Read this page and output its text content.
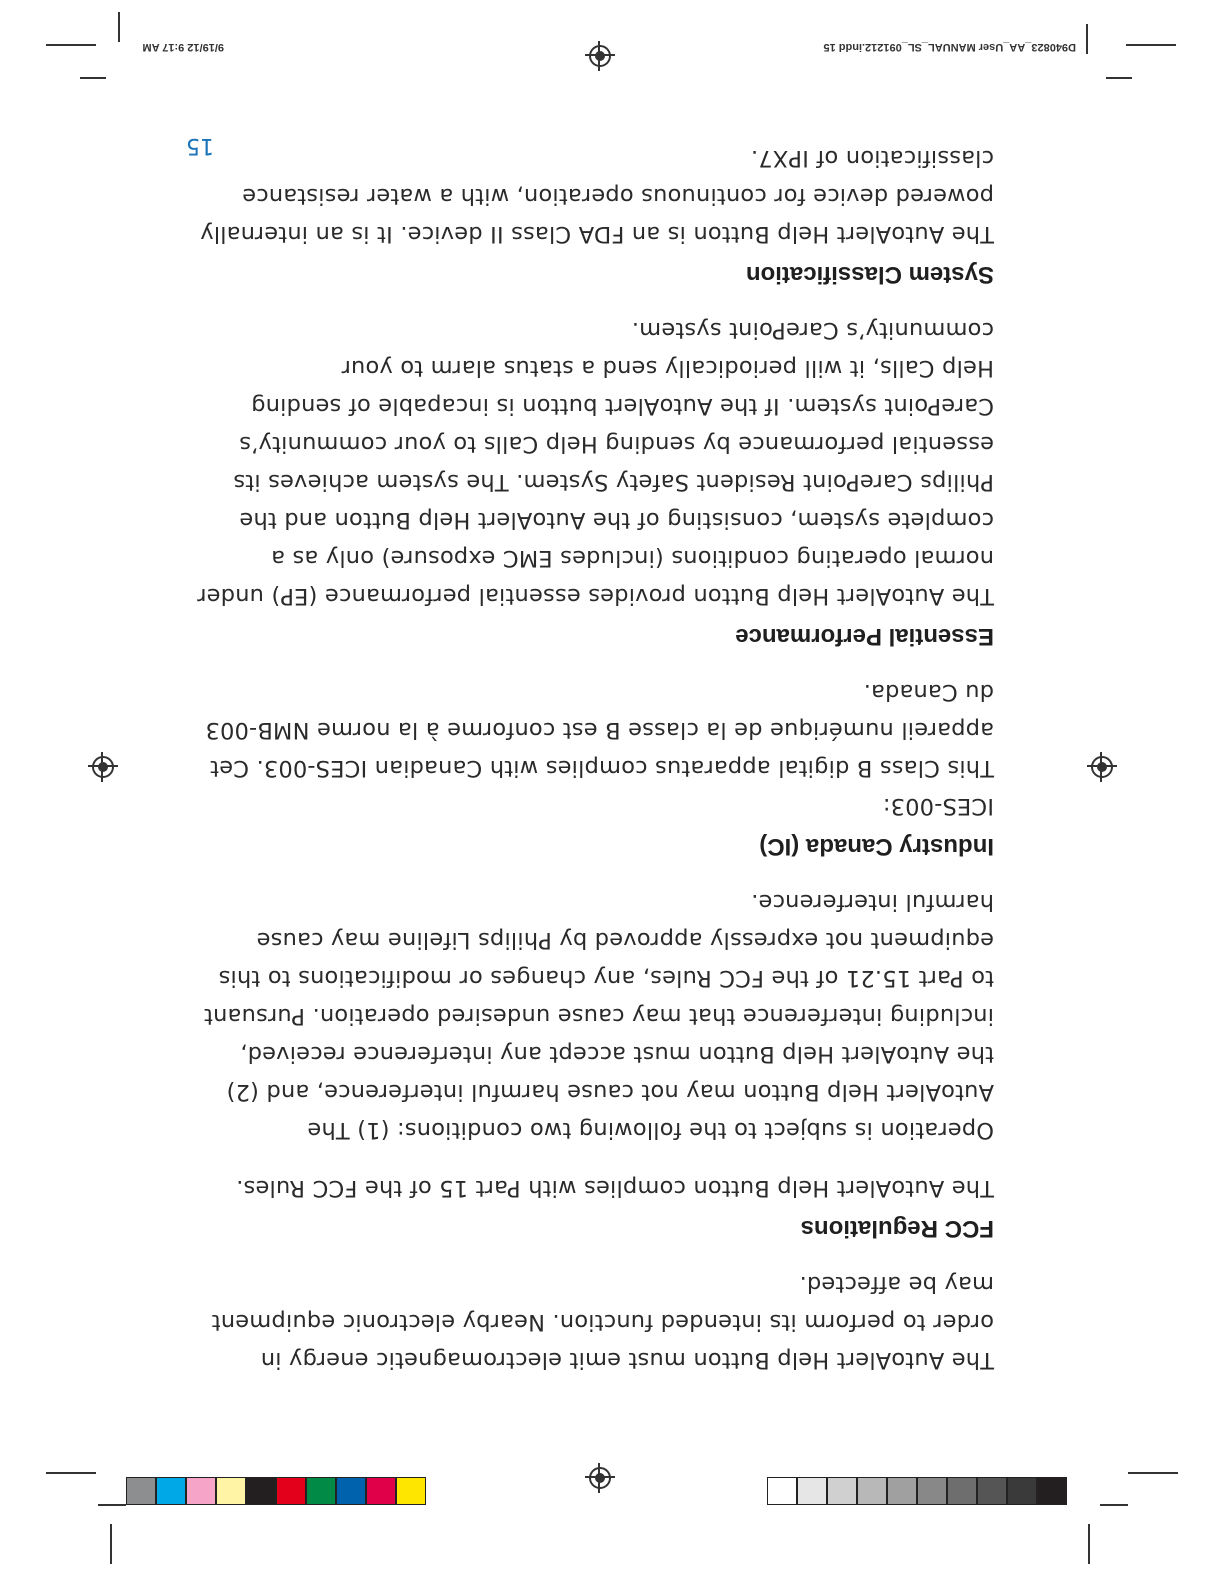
D940823_AA_User MANUAL_SL_091212.indd 15
9/19/12 9:17 AM
15

The AutoAlert Help Button must emit electromagnetic energy in order to perform its intended function. Nearby electronic equipment may be affected.

FCC Regulations

The AutoAlert Help Button complies with Part 15 of the FCC Rules.

Operation is subject to the following two conditions: (1) The AutoAlert Help Button may not cause harmful interference, and (2) the AutoAlert Help Button must accept any interference received, including interference that may cause undesired operation. Pursuant to Part 15.21 of the FCC Rules, any changes or modifications to this equipment not expressly approved by Philips Lifeline may cause harmful interference.

Industry Canada (IC)

ICES-003:

This Class B digital apparatus complies with Canadian ICES-003. Cet appareil numérique de la classe B est conforme à la norme NMB-003 du Canada.

Essential Performance

The AutoAlert Help Button provides essential performance (EP) under normal operating conditions (includes EMC exposure) only as a complete system, consisting of the AutoAlert Help Button and the Philips CarePoint Resident Safety System. The system achieves its essential performance by sending Help Calls to your community’s CarePoint system. If the AutoAlert button is incapable of sending Help Calls, it will periodically send a status alarm to your community’s CarePoint system.

System Classification

The AutoAlert Help Button is an FDA Class II device. It is an internally powered device for continuous operation, with a water resistance classification of IPX7.
